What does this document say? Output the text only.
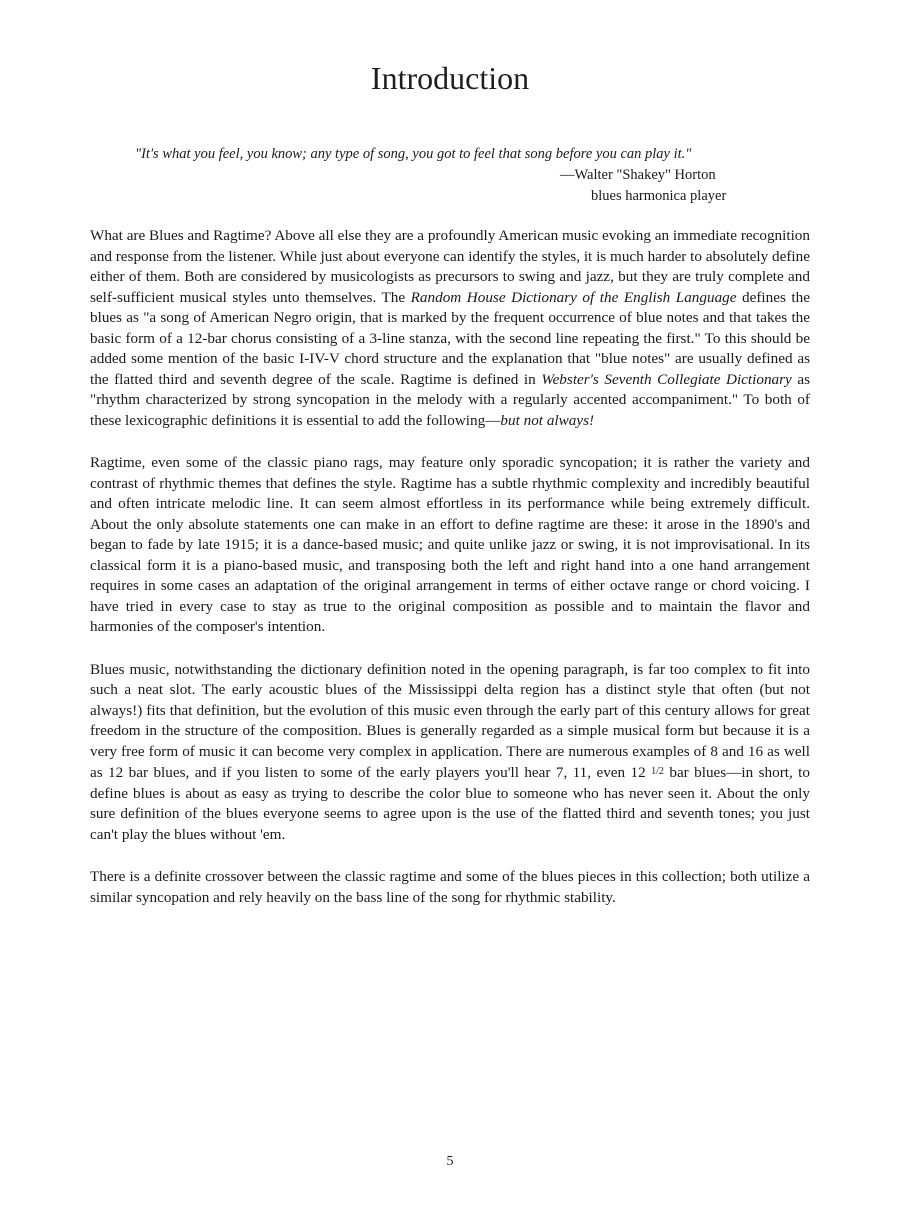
Introduction
"It's what you feel, you know; any type of song, you got to feel that song before you can play it."
—Walter "Shakey" Horton
blues harmonica player

What are Blues and Ragtime? Above all else they are a profoundly American music evoking an immediate recognition and response from the listener. While just about everyone can identify the styles, it is much harder to absolutely define either of them. Both are considered by musicologists as precursors to swing and jazz, but they are truly complete and self-sufficient musical styles unto themselves. The Random House Dictionary of the English Language defines the blues as "a song of American Negro origin, that is marked by the frequent occurrence of blue notes and that takes the basic form of a 12-bar chorus consisting of a 3-line stanza, with the second line repeating the first." To this should be added some mention of the basic I-IV-V chord structure and the explanation that "blue notes" are usually defined as the flatted third and seventh degree of the scale. Ragtime is defined in Webster's Seventh Collegiate Dictionary as "rhythm characterized by strong syncopation in the melody with a regularly accented accompaniment." To both of these lexicographic definitions it is essential to add the following—but not always!

Ragtime, even some of the classic piano rags, may feature only sporadic syncopation; it is rather the variety and contrast of rhythmic themes that defines the style. Ragtime has a subtle rhythmic complexity and incredibly beautiful and often intricate melodic line. It can seem almost effortless in its performance while being extremely difficult. About the only absolute statements one can make in an effort to define ragtime are these: it arose in the 1890's and began to fade by late 1915; it is a dance-based music; and quite unlike jazz or swing, it is not improvisational. In its classical form it is a piano-based music, and transposing both the left and right hand into a one hand arrangement requires in some cases an adaptation of the original arrangement in terms of either octave range or chord voicing. I have tried in every case to stay as true to the original composition as possible and to maintain the flavor and harmonies of the composer's intention.

Blues music, notwithstanding the dictionary definition noted in the opening paragraph, is far too complex to fit into such a neat slot. The early acoustic blues of the Mississippi delta region has a distinct style that often (but not always!) fits that definition, but the evolution of this music even through the early part of this century allows for great freedom in the structure of the composition. Blues is generally regarded as a simple musical form but because it is a very free form of music it can become very complex in application. There are numerous examples of 8 and 16 as well as 12 bar blues, and if you listen to some of the early players you'll hear 7, 11, even 12 1/2 bar blues—in short, to define blues is about as easy as trying to describe the color blue to someone who has never seen it. About the only sure definition of the blues everyone seems to agree upon is the use of the flatted third and seventh tones; you just can't play the blues without 'em.

There is a definite crossover between the classic ragtime and some of the blues pieces in this collection; both utilize a similar syncopation and rely heavily on the bass line of the song for rhythmic stability.

5
